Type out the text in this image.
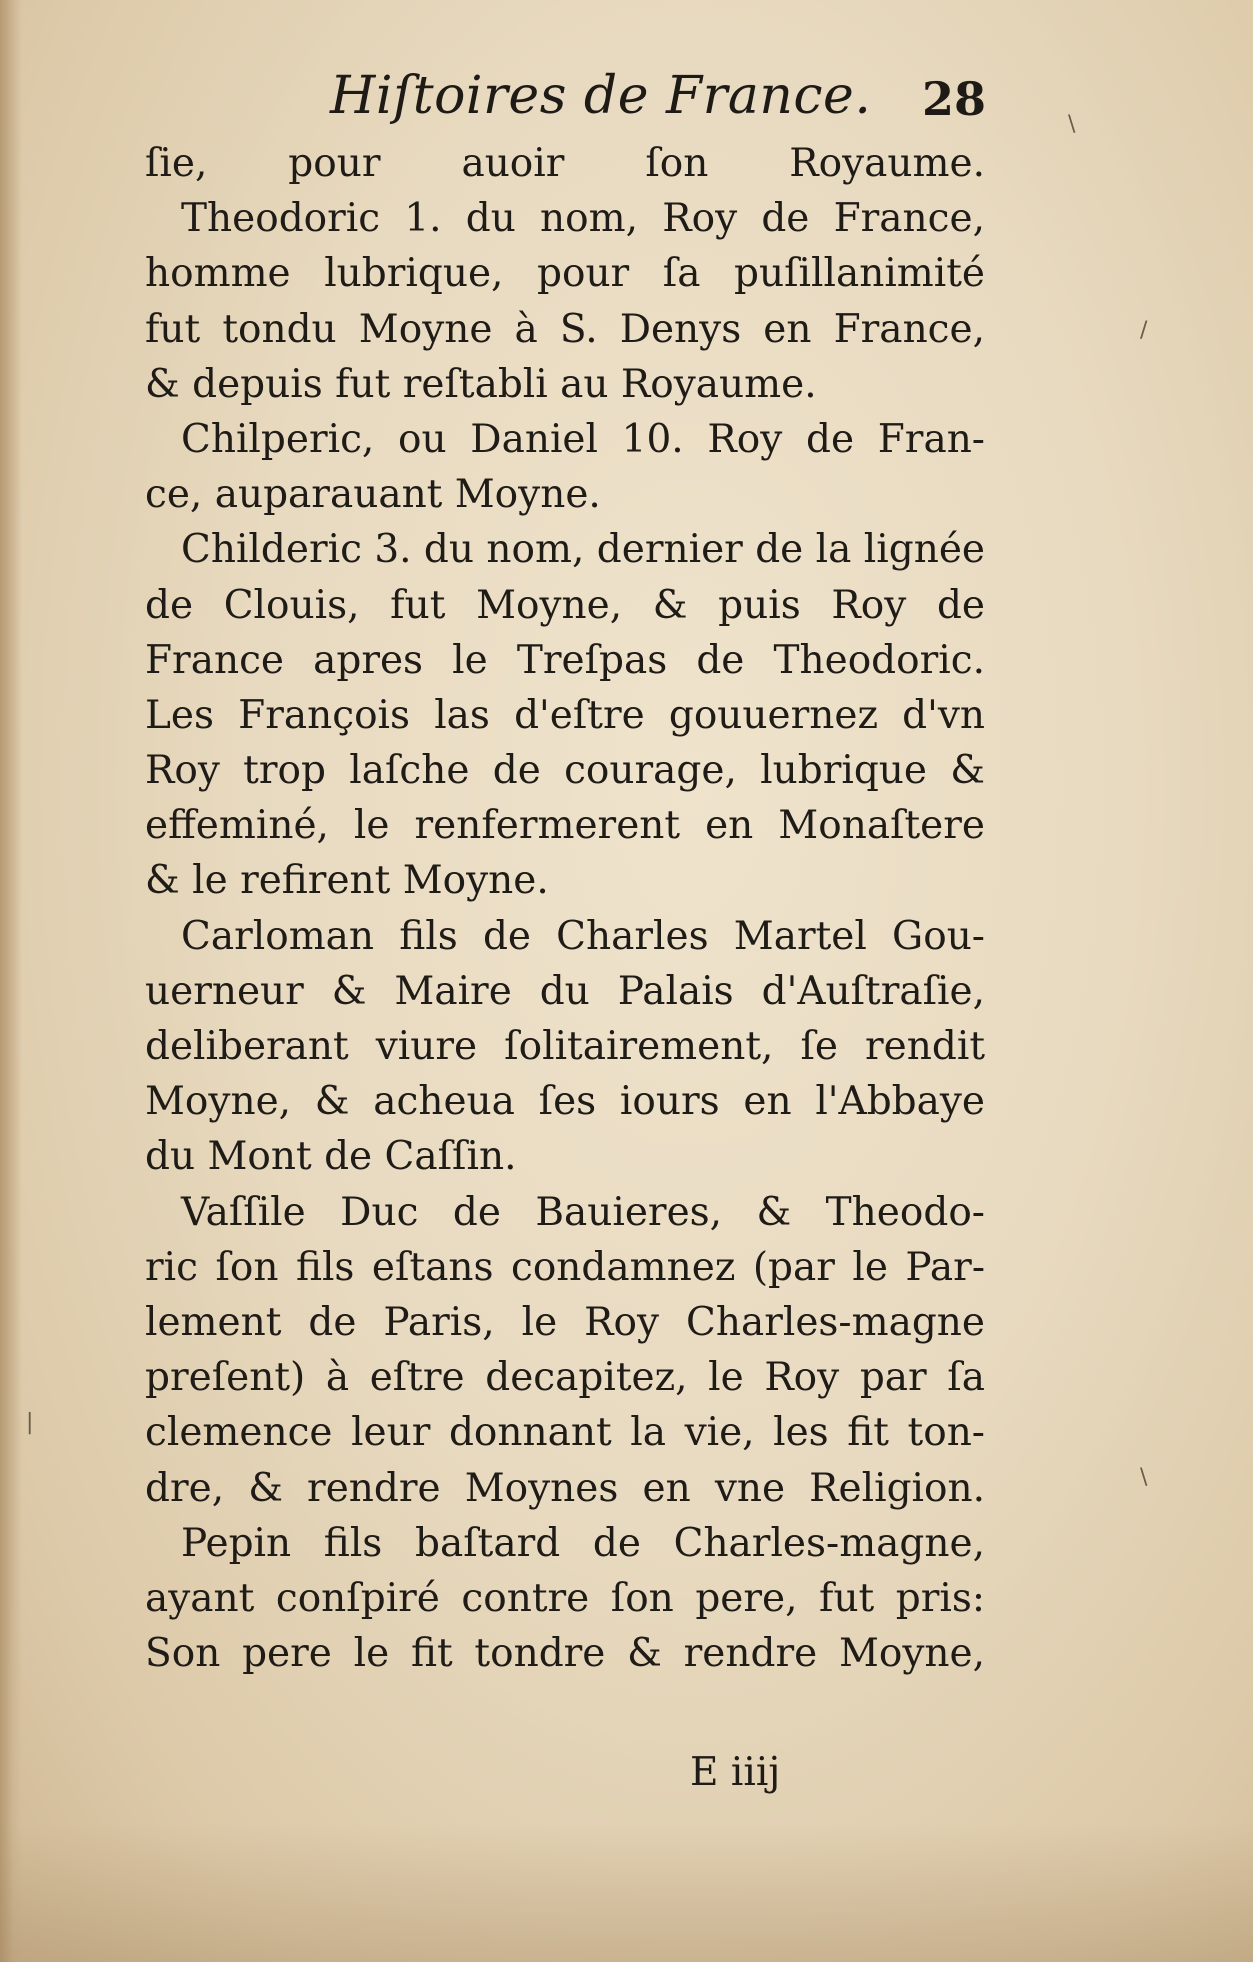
Hiſtoires de France. 28
ſie, pour auoir ſon Royaume.
Theodoric 1. du nom, Roy de France,
homme lubrique, pour ſa puſillanimité
fut tondu Moyne à S. Denys en France,
& depuis fut reſtabli au Royaume.
Chilperic, ou Daniel 10. Roy de Fran-
ce, auparauant Moyne.
Childeric 3. du nom, dernier de la lignée
de Clouis, fut Moyne, & puis Roy de
France apres le Treſpas de Theodoric.
Les François las d'eſtre gouuernez d'vn
Roy trop laſche de courage, lubrique &
effeminé, le renfermerent en Monaſtere
& le refirent Moyne.
Carloman fils de Charles Martel Gou-
uerneur & Maire du Palais d'Auſtraſie,
deliberant viure ſolitairement, ſe rendit
Moyne, & acheua ſes iours en l'Abbaye
du Mont de Caſſin.
Vaſſile Duc de Bauieres, & Theodo-
ric ſon fils eſtans condamnez (par le Par-
lement de Paris, le Roy Charles-magne
preſent) à eſtre decapitez, le Roy par ſa
clemence leur donnant la vie, les fit ton-
dre, & rendre Moynes en vne Religion.
Pepin fils baſtard de Charles-magne,
ayant conſpiré contre ſon pere, fut pris:
Son pere le fit tondre & rendre Moyne,
E iiij
\
/
\
|
